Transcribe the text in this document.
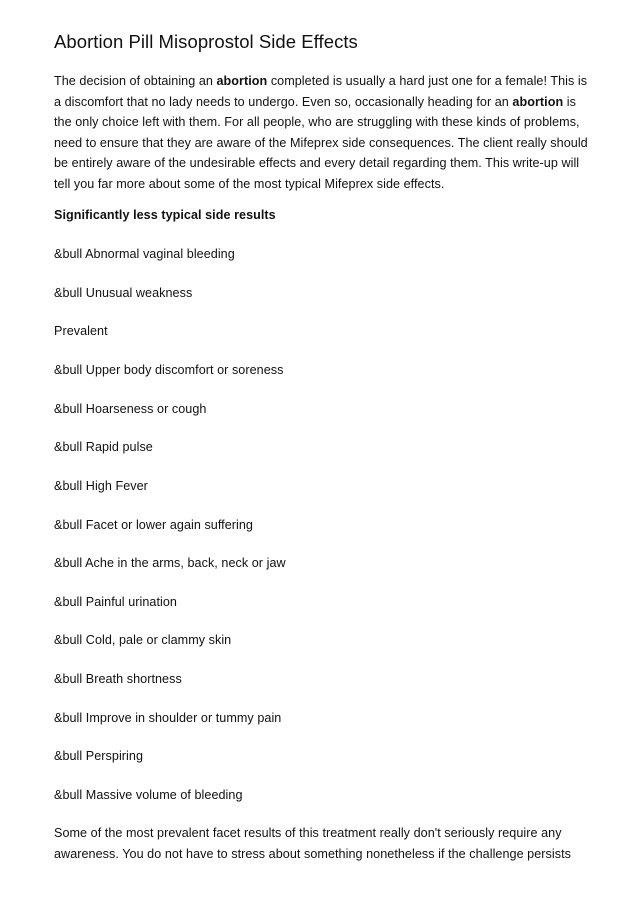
Abortion Pill Misoprostol Side Effects

The decision of obtaining an abortion completed is usually a hard just one for a female! This is a discomfort that no lady needs to undergo. Even so, occasionally heading for an abortion is the only choice left with them. For all people, who are struggling with these kinds of problems, need to ensure that they are aware of the Mifeprex side consequences. The client really should be entirely aware of the undesirable effects and every detail regarding them. This write-up will tell you far more about some of the most typical Mifeprex side effects.

Significantly less typical side results

&bull Abnormal vaginal bleeding

&bull Unusual weakness

Prevalent

&bull Upper body discomfort or soreness

&bull Hoarseness or cough

&bull Rapid pulse

&bull High Fever

&bull Facet or lower again suffering

&bull Ache in the arms, back, neck or jaw

&bull Painful urination

&bull Cold, pale or clammy skin

&bull Breath shortness

&bull Improve in shoulder or tummy pain

&bull Perspiring

&bull Massive volume of bleeding

Some of the most prevalent facet results of this treatment really don't seriously require any awareness. You do not have to stress about something nonetheless if the challenge persists
